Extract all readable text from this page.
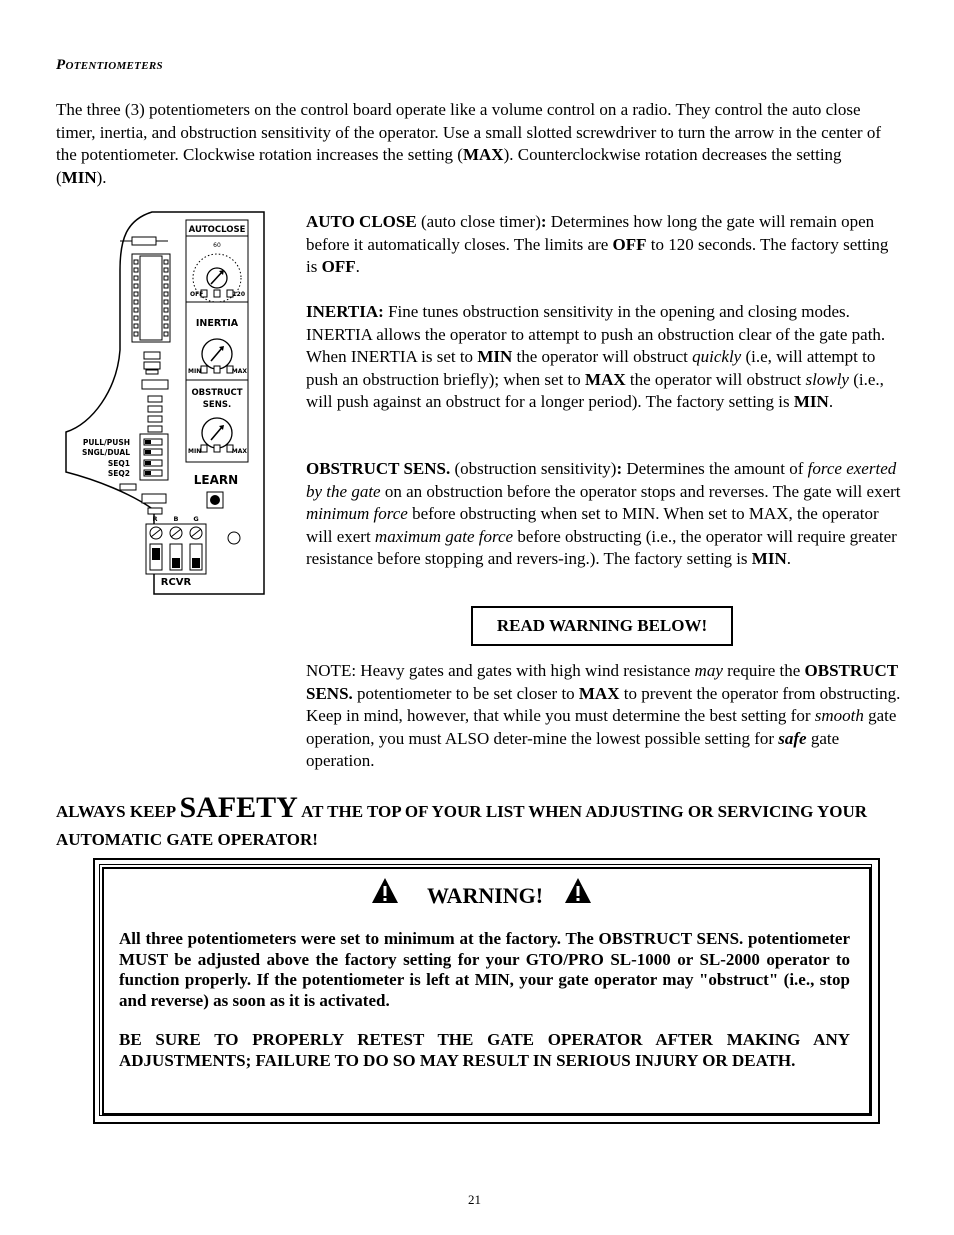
POTENTIOMETERS
The three (3) potentiometers on the control board operate like a volume control on a radio. They control the auto close timer, inertia, and obstruction sensitivity of the operator. Use a small slotted screwdriver to turn the arrow in the center of the potentiometer. Clockwise rotation increases the setting (MAX). Counterclockwise rotation decreases the setting (MIN).
PULL/PUSH
SNGL/DUAL
SEQ1
SEQ2
AUTOCLOSE
60
OFF	120
INERTIA
MIN	MAX
OBSTRUCT
SENS.
MIN	MAX
LEARN
R B G
RCVR
AUTO CLOSE (auto close timer): Determines how long the gate will remain open before it automatically closes. The limits are OFF to 120 seconds. The factory setting is OFF.
INERTIA: Fine tunes obstruction sensitivity in the opening and closing modes. INERTIA allows the operator to attempt to push an obstruction clear of the gate path. When INERTIA is set to MIN the operator will obstruct quickly (i.e, will attempt to push an obstruction briefly); when set to MAX the operator will obstruct slowly (i.e., will push against an obstruct for a longer period). The factory setting is MIN.
OBSTRUCT SENS. (obstruction sensitivity): Determines the amount of force exerted by the gate on an obstruction before the operator stops and reverses. The gate will exert minimum force before obstructing when set to MIN. When set to MAX, the operator will exert maximum gate force before obstructing (i.e., the operator will require greater resistance before stopping and revers-ing.). The factory setting is MIN.
READ WARNING BELOW!
NOTE: Heavy gates and gates with high wind resistance may require the OBSTRUCT SENS. potentiometer to be set closer to MAX to prevent the operator from obstructing. Keep in mind, however, that while you must determine the best setting for smooth gate operation, you must ALSO deter-mine the lowest possible setting for safe gate operation.
ALWAYS KEEP SAFETY AT THE TOP OF YOUR LIST WHEN ADJUSTING OR SERVICING YOUR AUTOMATIC GATE OPERATOR!
WARNING!
All three potentiometers were set to minimum at the factory. The OBSTRUCT SENS. potentiometer MUST be adjusted above the factory setting for your GTO/PRO SL-1000 or SL-2000 operator to function properly. If the potentiometer is left at MIN, your gate operator may "obstruct" (i.e., stop and reverse) as soon as it is activated.
BE SURE TO PROPERLY RETEST THE GATE OPERATOR AFTER MAKING ANY ADJUSTMENTS; FAILURE TO DO SO MAY RESULT IN SERIOUS INJURY OR DEATH.
21
